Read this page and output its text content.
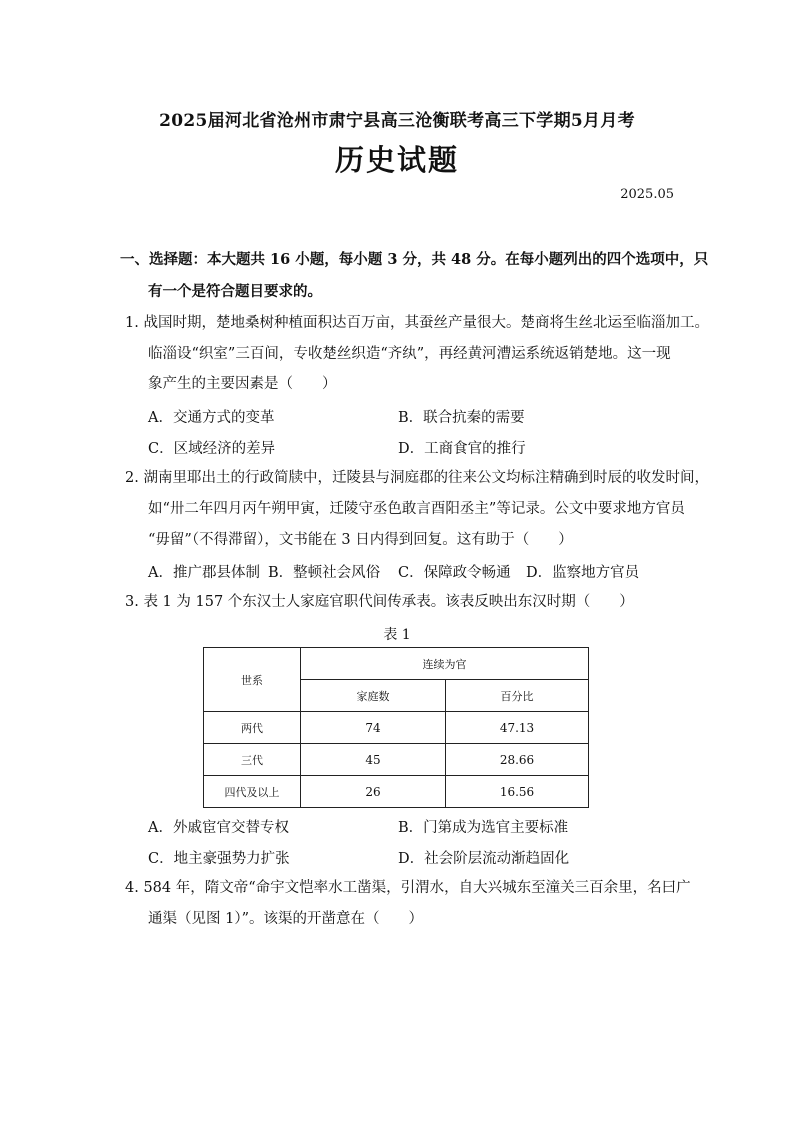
2025届河北省沧州市肃宁县高三沧衡联考高三下学期5月月考
历史试题
2025.05
一、选择题：本大题共 16 小题，每小题 3 分，共 48 分。在每小题列出的四个选项中，只
有一个是符合题目要求的。
1. 战国时期，楚地桑树种植面积达百万亩，其蚕丝产量很大。楚商将生丝北运至临淄加工。
临淄设“织室”三百间，专收楚丝织造“齐纨”，再经黄河漕运系统返销楚地。这一现
象产生的主要因素是（　　）
A．交通方式的变革	B．联合抗秦的需要
C．区域经济的差异	D．工商食官的推行
2. 湖南里耶出土的行政简牍中，迁陵县与洞庭郡的往来公文均标注精确到时辰的收发时间，
如“卅二年四月丙午朔甲寅，迁陵守丞色敢言酉阳丞主”等记录。公文中要求地方官员
“毋留”（不得滞留），文书能在 3 日内得到回复。这有助于（　　）
A．推广郡县体制 B．整顿社会风俗 C．保障政令畅通 D．监察地方官员
3. 表 1 为 157 个东汉士人家庭官职代间传承表。该表反映出东汉时期（　　）
表 1
世系	连续为官	
	家庭数	百分比
两代	74	47.13
三代	45	28.66
四代及以上	26	16.56
A．外戚宦官交替专权	B．门第成为选官主要标准
C．地主豪强势力扩张	D．社会阶层流动渐趋固化
4. 584 年，隋文帝“命宇文恺率水工凿渠，引渭水，自大兴城东至潼关三百余里，名曰广
通渠（见图 1）”。该渠的开凿意在（　　）
